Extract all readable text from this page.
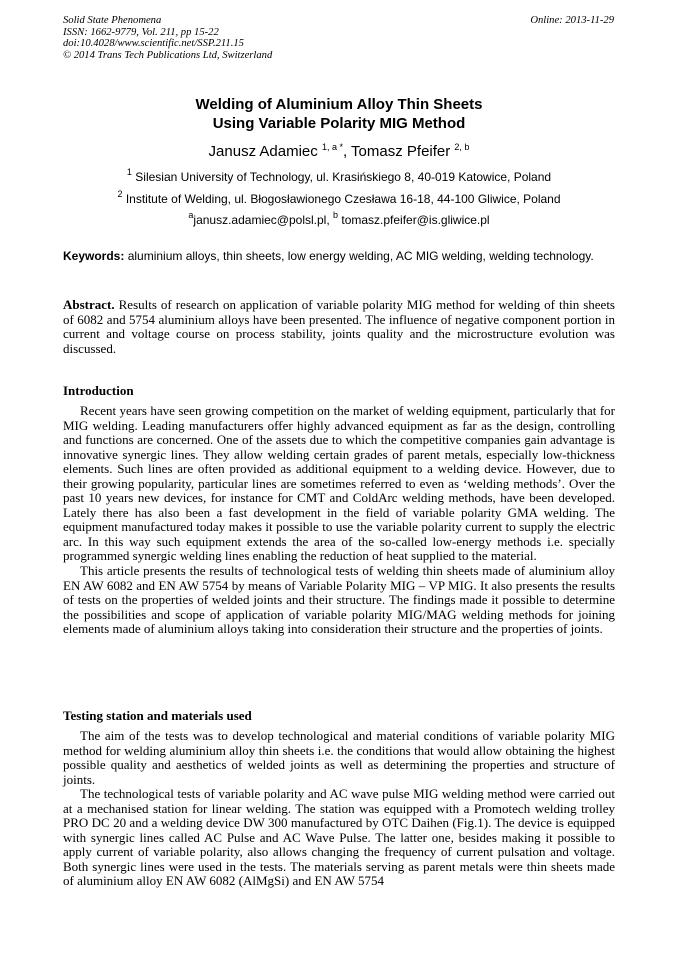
Solid State Phenomena
ISSN: 1662-9779, Vol. 211, pp 15-22
doi:10.4028/www.scientific.net/SSP.211.15
© 2014 Trans Tech Publications Ltd, Switzerland
Online: 2013-11-29
Welding of Aluminium Alloy Thin Sheets
Using Variable Polarity MIG Method
Janusz Adamiec $^{1, a *}$, Tomasz Pfeifer $^{2, b}$
$^1$ Silesian University of Technology, ul. Krasińskiego 8, 40-019 Katowice, Poland
$^2$ Institute of Welding, ul. Błogosławionego Czesława 16-18, 44-100 Gliwice, Poland
$^a$janusz.adamiec@polsl.pl, $^b$ tomasz.pfeifer@is.gliwice.pl
Keywords: aluminium alloys, thin sheets, low energy welding, AC MIG welding, welding technology.
Abstract. Results of research on application of variable polarity MIG method for welding of thin sheets of 6082 and 5754 aluminium alloys have been presented. The influence of negative component portion in current and voltage course on process stability, joints quality and the microstructure evolution was discussed.
Introduction

Recent years have seen growing competition on the market of welding equipment, particularly that for MIG welding. Leading manufacturers offer highly advanced equipment as far as the design, controlling and functions are concerned. One of the assets due to which the competitive companies gain advantage is innovative synergic lines. They allow welding certain grades of parent metals, especially low-thickness elements. Such lines are often provided as additional equipment to a welding device. However, due to their growing popularity, particular lines are sometimes referred to even as ‘welding methods’. Over the past 10 years new devices, for instance for CMT and ColdArc welding methods, have been developed. Lately there has also been a fast development in the field of variable polarity GMA welding. The equipment manufactured today makes it possible to use the variable polarity current to supply the electric arc. In this way such equipment extends the area of the so-called low-energy methods i.e. specially programmed synergic welding lines enabling the reduction of heat supplied to the material.

This article presents the results of technological tests of welding thin sheets made of aluminium alloy EN AW 6082 and EN AW 5754 by means of Variable Polarity MIG – VP MIG. It also presents the results of tests on the properties of welded joints and their structure. The findings made it possible to determine the possibilities and scope of application of variable polarity MIG/MAG welding methods for joining elements made of aluminium alloys taking into consideration their structure and the properties of joints.

Testing station and materials used

The aim of the tests was to develop technological and material conditions of variable polarity MIG method for welding aluminium alloy thin sheets i.e. the conditions that would allow obtaining the highest possible quality and aesthetics of welded joints as well as determining the properties and structure of joints.

The technological tests of variable polarity and AC wave pulse MIG welding method were carried out at a mechanised station for linear welding. The station was equipped with a Promotech welding trolley PRO DC 20 and a welding device DW 300 manufactured by OTC Daihen (Fig.1). The device is equipped with synergic lines called AC Pulse and AC Wave Pulse. The latter one, besides making it possible to apply current of variable polarity, also allows changing the frequency of current pulsation and voltage. Both synergic lines were used in the tests. The materials serving as parent metals were thin sheets made of aluminium alloy EN AW 6082 (AlMgSi) and EN AW 5754
